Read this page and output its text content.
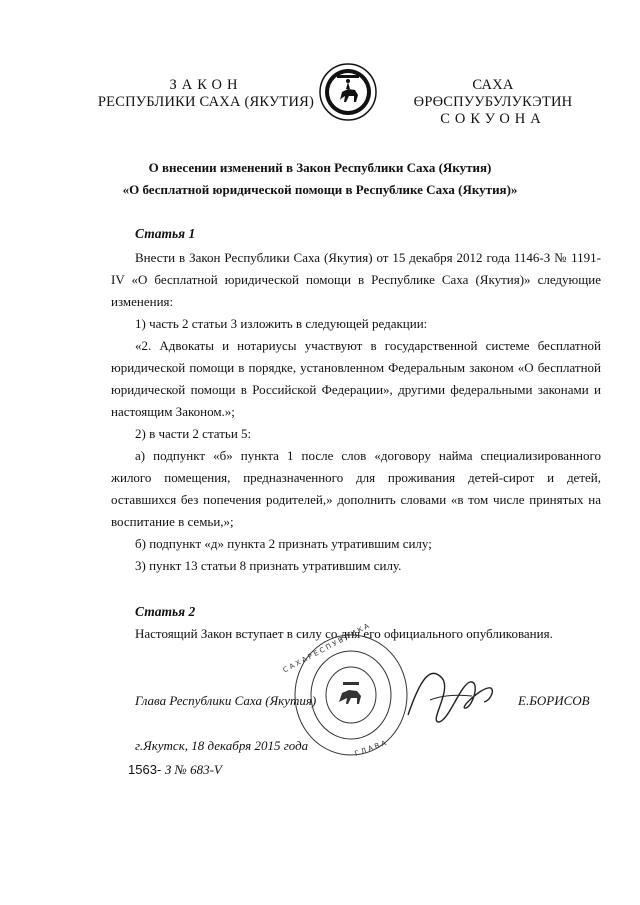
ЗАКОН
РЕСПУБЛИКИ САХА (ЯКУТИЯ)
САХА ӨРӨСПУУБУЛУКЭТИН
СОКУОНА
О внесении изменений в Закон Республики Саха (Якутия)
«О бесплатной юридической помощи в Республике Саха (Якутия)»
Статья 1

Внести в Закон Республики Саха (Якутия) от 15 декабря 2012 года 1146-З № 1191-IV «О бесплатной юридической помощи в Республике Саха (Якутия)» следующие изменения:

1) часть 2 статьи 3 изложить в следующей редакции:

«2. Адвокаты и нотариусы участвуют в государственной системе бесплатной юридической помощи в порядке, установленном Федеральным законом «О бесплатной юридической помощи в Российской Федерации», другими федеральными законами и настоящим Законом.»;

2) в части 2 статьи 5:

а) подпункт «б» пункта 1 после слов «договору найма специализированного жилого помещения, предназначенного для проживания детей-сирот и детей, оставшихся без попечения родителей,» дополнить словами «в том числе принятых на воспитание в семьи,»;

б) подпункт «д» пункта 2 признать утратившим силу;

3) пункт 13 статьи 8 признать утратившим силу.

Статья 2

Настоящий Закон вступает в силу со дня его официального опубликования.

С А Х А Р Е С П У Б Л И К А
Г Л А В А
Глава Республики Саха (Якутия)	Е.БОРИСОВ
г.Якутск, 18 декабря 2015 года
1563- З № 683-V
